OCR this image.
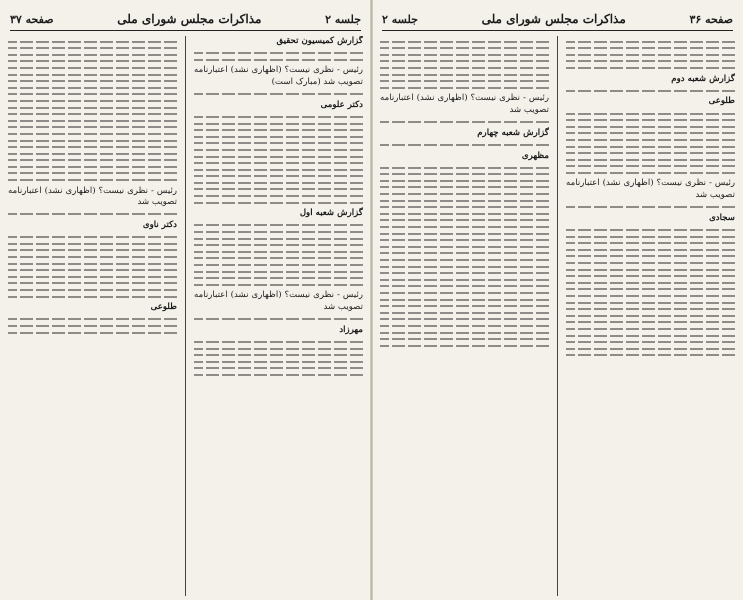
جلسه ۲
مذاکرات مجلس شورای ملی
صفحه ۳۷
گزارش کمیسیون تحقیق
رئیس - نظری نیست؟ (اظهاری نشد) اعتبارنامه تصویب شد (مبارک است)
دکتر علومی
گزارش شعبه اول
رئیس - نظری نیست؟ (اظهاری نشد) اعتبارنامه تصویب شد
مهرزاد
رئیس - نظری نیست؟ (اظهاری نشد) اعتبارنامه تصویب شد
دکتر ناوی
طلوعی
صفحه ۳۶
مذاکرات مجلس شورای ملی
جلسه ۲
گزارش شعبه دوم
طلوعی
رئیس - نظری نیست؟ (اظهاری نشد) اعتبارنامه تصویب شد
سجادی
رئیس - نظری نیست؟ (اظهاری نشد) اعتبارنامه تصویب شد
گزارش شعبه چهارم
مظهری
